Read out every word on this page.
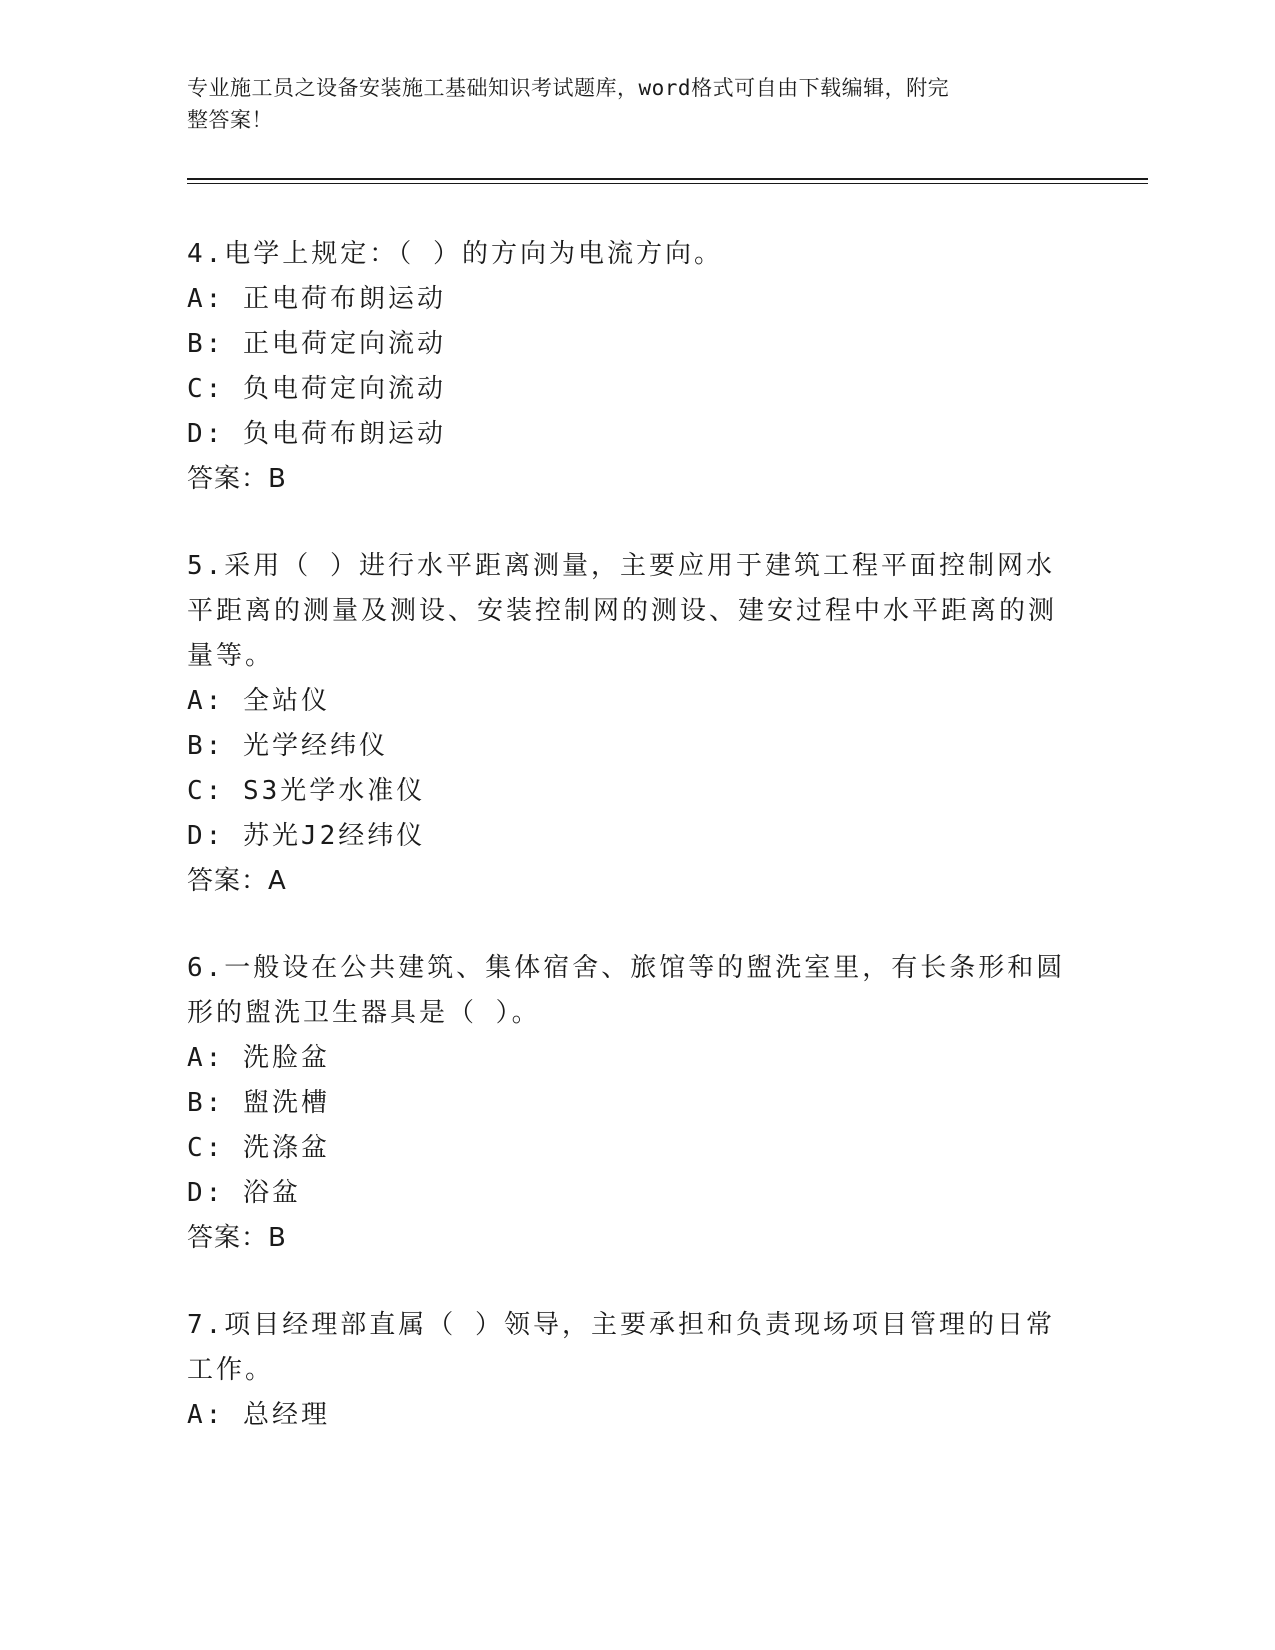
专业施工员之设备安装施工基础知识考试题库，word格式可自由下载编辑，附完
整答案！
4.电学上规定：（ ）的方向为电流方向。
A: 正电荷布朗运动
B: 正电荷定向流动
C: 负电荷定向流动
D: 负电荷布朗运动
答案：B
5.采用（ ）进行水平距离测量，主要应用于建筑工程平面控制网水平距离的测量及测设、安装控制网的测设、建安过程中水平距离的测量等。
A: 全站仪
B: 光学经纬仪
C: S3光学水准仪
D: 苏光J2经纬仪
答案：A
6.一般设在公共建筑、集体宿舍、旅馆等的盥洗室里，有长条形和圆形的盥洗卫生器具是（ ）。
A: 洗脸盆
B: 盥洗槽
C: 洗涤盆
D: 浴盆
答案：B
7.项目经理部直属（ ）领导，主要承担和负责现场项目管理的日常工作。
A: 总经理
